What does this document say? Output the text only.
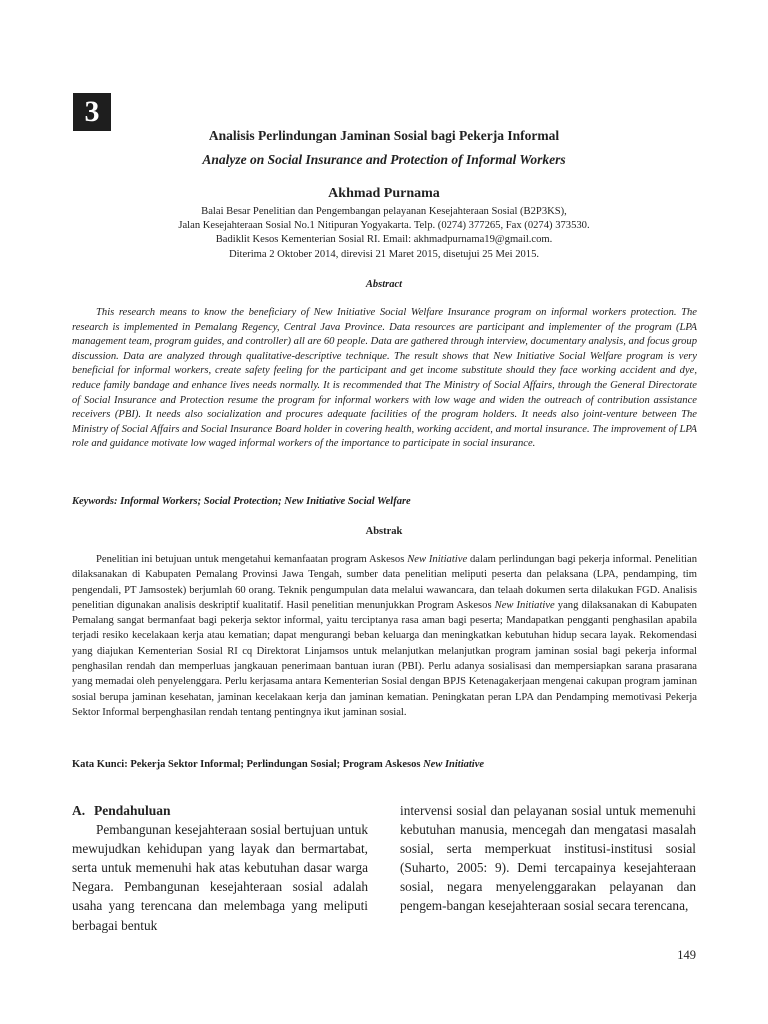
3
Analisis Perlindungan Jaminan Sosial bagi Pekerja Informal
Analyze on Social Insurance and Protection of Informal Workers
Akhmad Purnama
Balai Besar Penelitian dan Pengembangan pelayanan Kesejahteraan Sosial (B2P3KS),
Jalan Kesejahteraan Sosial No.1 Nitipuran Yogyakarta. Telp. (0274) 377265, Fax (0274) 373530.
Badiklit Kesos Kementerian Sosial RI. Email: akhmadpurnama19@gmail.com.
Diterima 2 Oktober 2014, direvisi 21 Maret 2015, disetujui 25 Mei 2015.
Abstract

This research means to know the beneficiary of New Initiative Social Welfare Insurance program on informal workers protection. The research is implemented in Pemalang Regency, Central Java Province. Data resources are participant and implementer of the program (LPA management team, program guides, and controller) all are 60 people. Data are gathered through interview, documentary analysis, and focus group discussion. Data are analyzed through qualitative-descriptive technique. The result shows that New Initiative Social Welfare program is very beneficial for informal workers, create safety feeling for the participant and get income substitute should they face working accident and dye, reduce family bandage and enhance lives needs normally. It is recommended that The Ministry of Social Affairs, through the General Directorate of Social Insurance and Protection resume the program for informal workers with low wage and widen the outreach of contribution assistance receivers (PBI). It needs also socialization and procures adequate facilities of the program holders. It needs also joint-venture between The Ministry of Social Affairs and Social Insurance Board holder in covering health, working accident, and mortal insurance. The improvement of LPA role and guidance motivate low waged informal workers of the importance to participate in social insurance.

Keywords: Informal Workers; Social Protection; New Initiative Social Welfare

Abstrak

Penelitian ini betujuan untuk mengetahui kemanfaatan program Askesos New Initiative dalam perlindungan bagi pekerja informal. Penelitian dilaksanakan di Kabupaten Pemalang Provinsi Jawa Tengah, sumber data penelitian meliputi peserta dan pelaksana (LPA, pendamping, tim pengendali, PT Jamsostek) berjumlah 60 orang. Teknik pengumpulan data melalui wawancara, dan telaah dokumen serta dilakukan FGD. Analisis penelitian digunakan analisis deskriptif kualitatif. Hasil penelitian menunjukkan Program Askesos New Initiative yang dilaksanakan di Kabupaten Pemalang sangat bermanfaat bagi pekerja sektor informal, yaitu terciptanya rasa aman bagi peserta; Mandapatkan pengganti penghasilan apabila terjadi resiko kecelakaan kerja atau kematian; dapat mengurangi beban keluarga dan meningkatkan kebutuhan hidup secara layak. Rekomendasi yang diajukan Kementerian Sosial RI cq Direktorat Linjamsos untuk melanjutkan melanjutkan program jaminan sosial bagi pekerja informal penghasilan rendah dan memperluas jangkauan penerimaan bantuan iuran (PBI). Perlu adanya sosialisasi dan mempersiapkan sarana prasarana yang memadai oleh penyelenggara. Perlu kerjasama antara Kementerian Sosial dengan BPJS Ketenagakerjaan mengenai cakupan program jaminan sosial berupa jaminan kesehatan, jaminan kecelakaan kerja dan jaminan kematian. Peningkatan peran LPA dan Pendamping memotivasi Pekerja Sektor Informal berpenghasilan rendah tentang pentingnya ikut jaminan sosial.

Kata Kunci: Pekerja Sektor Informal; Perlindungan Sosial; Program Askesos New Initiative

A. Pendahuluan

Pembangunan kesejahteraan sosial bertujuan untuk mewujudkan kehidupan yang layak dan bermartabat, serta untuk memenuhi hak atas kebutuhan dasar warga Negara. Pembangunan kesejahteraan sosial adalah usaha yang terencana dan melembaga yang meliputi berbagai bentuk

intervensi sosial dan pelayanan sosial untuk memenuhi kebutuhan manusia, mencegah dan mengatasi masalah sosial, serta memperkuat institusi-institusi sosial (Suharto, 2005: 9). Demi tercapainya kesejahteraan sosial, negara menyelenggarakan pelayanan dan pengem-bangan kesejahteraan sosial secara terencana,

149
